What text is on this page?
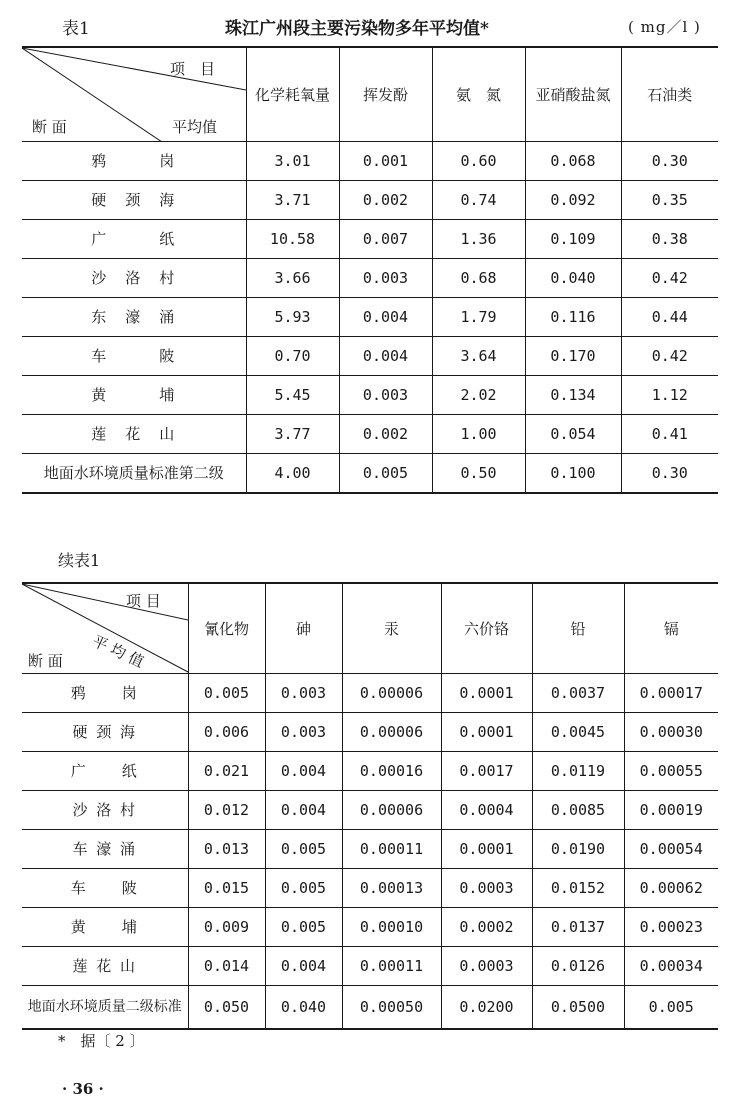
表1	珠江广州段主要污染物多年平均值*	( mg／l )
项　目
断 面 平均值	化学耗氧量	挥发酚	氨　氮	亚硝酸盐氮	石油类
鸦　　　岗	3.01	0.001	0.60	0.068	0.30
硬　颈　海	3.71	0.002	0.74	0.092	0.35
广　　　纸	10.58	0.007	1.36	0.109	0.38
沙　洛　村	3.66	0.003	0.68	0.040	0.42
东　濠　涌	5.93	0.004	1.79	0.116	0.44
车　　　陂	0.70	0.004	3.64	0.170	0.42
黄　　　埔	5.45	0.003	2.02	0.134	1.12
莲　花　山	3.77	0.002	1.00	0.054	0.41
地面水环境质量标准第二级	4.00	0.005	0.50	0.100	0.30
续表1
项 目
断 面 平 均 值	氰化物	砷	汞	六价铬	铅	镉
鸦　　岗	0.005	0.003	0.00006	0.0001	0.0037	0.00017
硬 颈 海	0.006	0.003	0.00006	0.0001	0.0045	0.00030
广　　纸	0.021	0.004	0.00016	0.0017	0.0119	0.00055
沙 洛 村	0.012	0.004	0.00006	0.0004	0.0085	0.00019
车 濠 涌	0.013	0.005	0.00011	0.0001	0.0190	0.00054
车　　陂	0.015	0.005	0.00013	0.0003	0.0152	0.00062
黄　　埔	0.009	0.005	0.00010	0.0002	0.0137	0.00023
莲 花 山	0.014	0.004	0.00011	0.0003	0.0126	0.00034
地面水环境质量二级标准	0.050	0.040	0.00050	0.0200	0.0500	0.005
*　据〔 2 〕
· 36 ·
